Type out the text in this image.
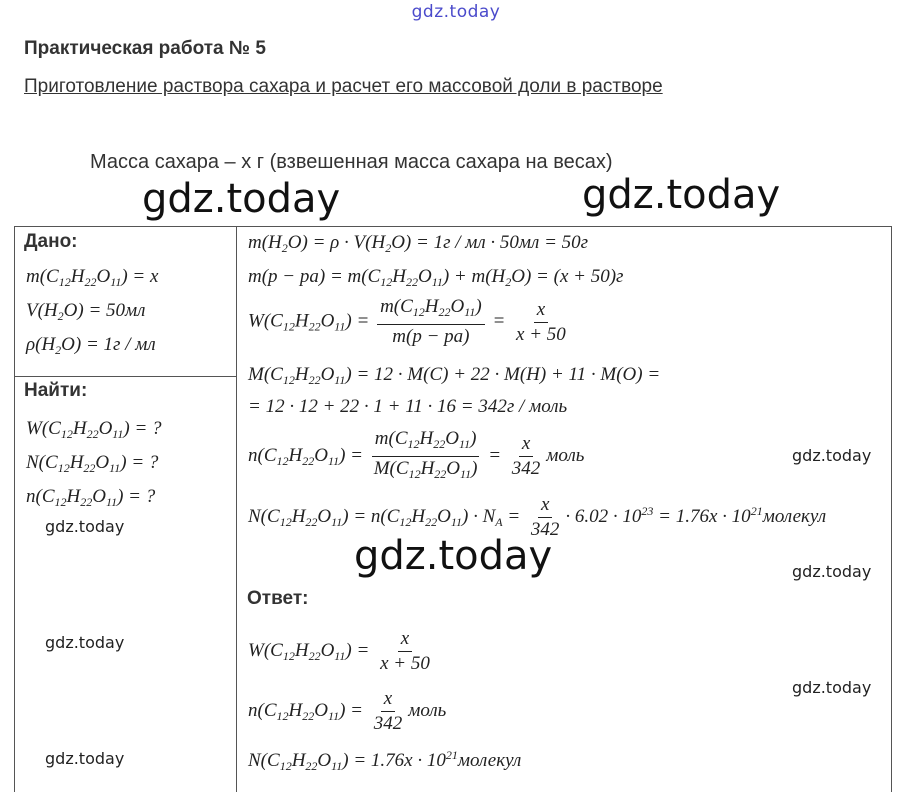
gdz.today
Практическая работа № 5
Приготовление раствора сахара и расчет его массовой доли в растворе
Масса сахара – х г (взвешенная масса сахара на весах)
gdz.today	gdz.today
gdz.today
gdz.today
gdz.today
gdz.today
gdz.today
gdz.today
gdz.today
Дано:
$m(C_{12}H_{22}O_{11}) = x$
$V(H_2O) = 50мл$
$\rho(H_2O) = 1г$ / мл
Найти:
$W(C_{12}H_{22}O_{11})$ = ?
$N(C_{12}H_{22}O_{11})$ = ?
$n(C_{12}H_{22}O_{11})$ = ?
$m(H_2O) = \rho \cdot V(H_2O) = 1г$ / мл · 50мл = 50г
$m(p - pa) = m(C_{12}H_{22}O_{11}) + m(H_2O) = (x + 50)г$
$W(C_{12}H_{22}O_{11}) = \frac{m(C_{12}H_{22}O_{11})}{m(p - pa)} = \frac{x}{x + 50}$
$M(C_{12}H_{22}O_{11}) = 12 \cdot M(C) + 22 \cdot M(H) + 11 \cdot M(O)$ =
= 12 · 12 + 22 · 1 + 11 · 16 = 342г / моль
$n(C_{12}H_{22}O_{11}) = \frac{m(C_{12}H_{22}O_{11})}{M(C_{12}H_{22}O_{11})} = \frac{x}{342}$ моль
$N(C_{12}H_{22}O_{11}) = n(C_{12}H_{22}O_{11}) \cdot N_A = \frac{x}{342} \cdot 6.02 \cdot 10^{23} = 1.76x$ · $10^{21}молекул$
Ответ:
$W(C_{12}H_{22}O_{11}) = \frac{x}{x + 50}$
$n(C_{12}H_{22}O_{11}) = \frac{x}{342}$ моль
$N(C_{12}H_{22}O_{11}) = 1.76x$ · $10^{21}молекул$
